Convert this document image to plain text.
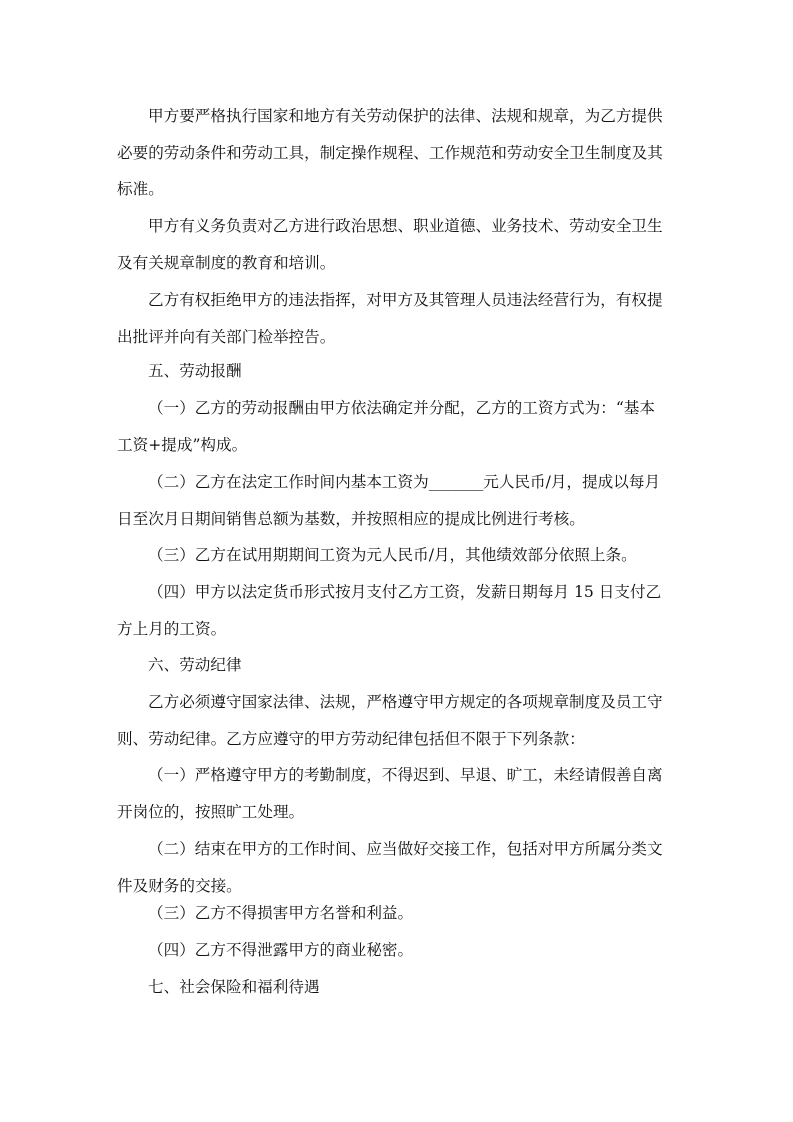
甲方要严格执行国家和地方有关劳动保护的法律、法规和规章，为乙方提供
必要的劳动条件和劳动工具，制定操作规程、工作规范和劳动安全卫生制度及其
标准。
甲方有义务负责对乙方进行政治思想、职业道德、业务技术、劳动安全卫生
及有关规章制度的教育和培训。
乙方有权拒绝甲方的违法指挥，对甲方及其管理人员违法经营行为，有权提
出批评并向有关部门检举控告。
五、劳动报酬
（一）乙方的劳动报酬由甲方依法确定并分配，乙方的工资方式为：“基本
工资+提成”构成。
（二）乙方在法定工作时间内基本工资为_______元人民币/月，提成以每月
日至次月日期间销售总额为基数，并按照相应的提成比例进行考核。
（三）乙方在试用期期间工资为元人民币/月，其他绩效部分依照上条。
（四）甲方以法定货币形式按月支付乙方工资，发薪日期每月 15 日支付乙
方上月的工资。
六、劳动纪律
乙方必须遵守国家法律、法规，严格遵守甲方规定的各项规章制度及员工守
则、劳动纪律。乙方应遵守的甲方劳动纪律包括但不限于下列条款：
（一）严格遵守甲方的考勤制度，不得迟到、早退、旷工，未经请假善自离
开岗位的，按照旷工处理。
（二）结束在甲方的工作时间、应当做好交接工作，包括对甲方所属分类文
件及财务的交接。
（三）乙方不得损害甲方名誉和利益。
（四）乙方不得泄露甲方的商业秘密。
七、社会保险和福利待遇
